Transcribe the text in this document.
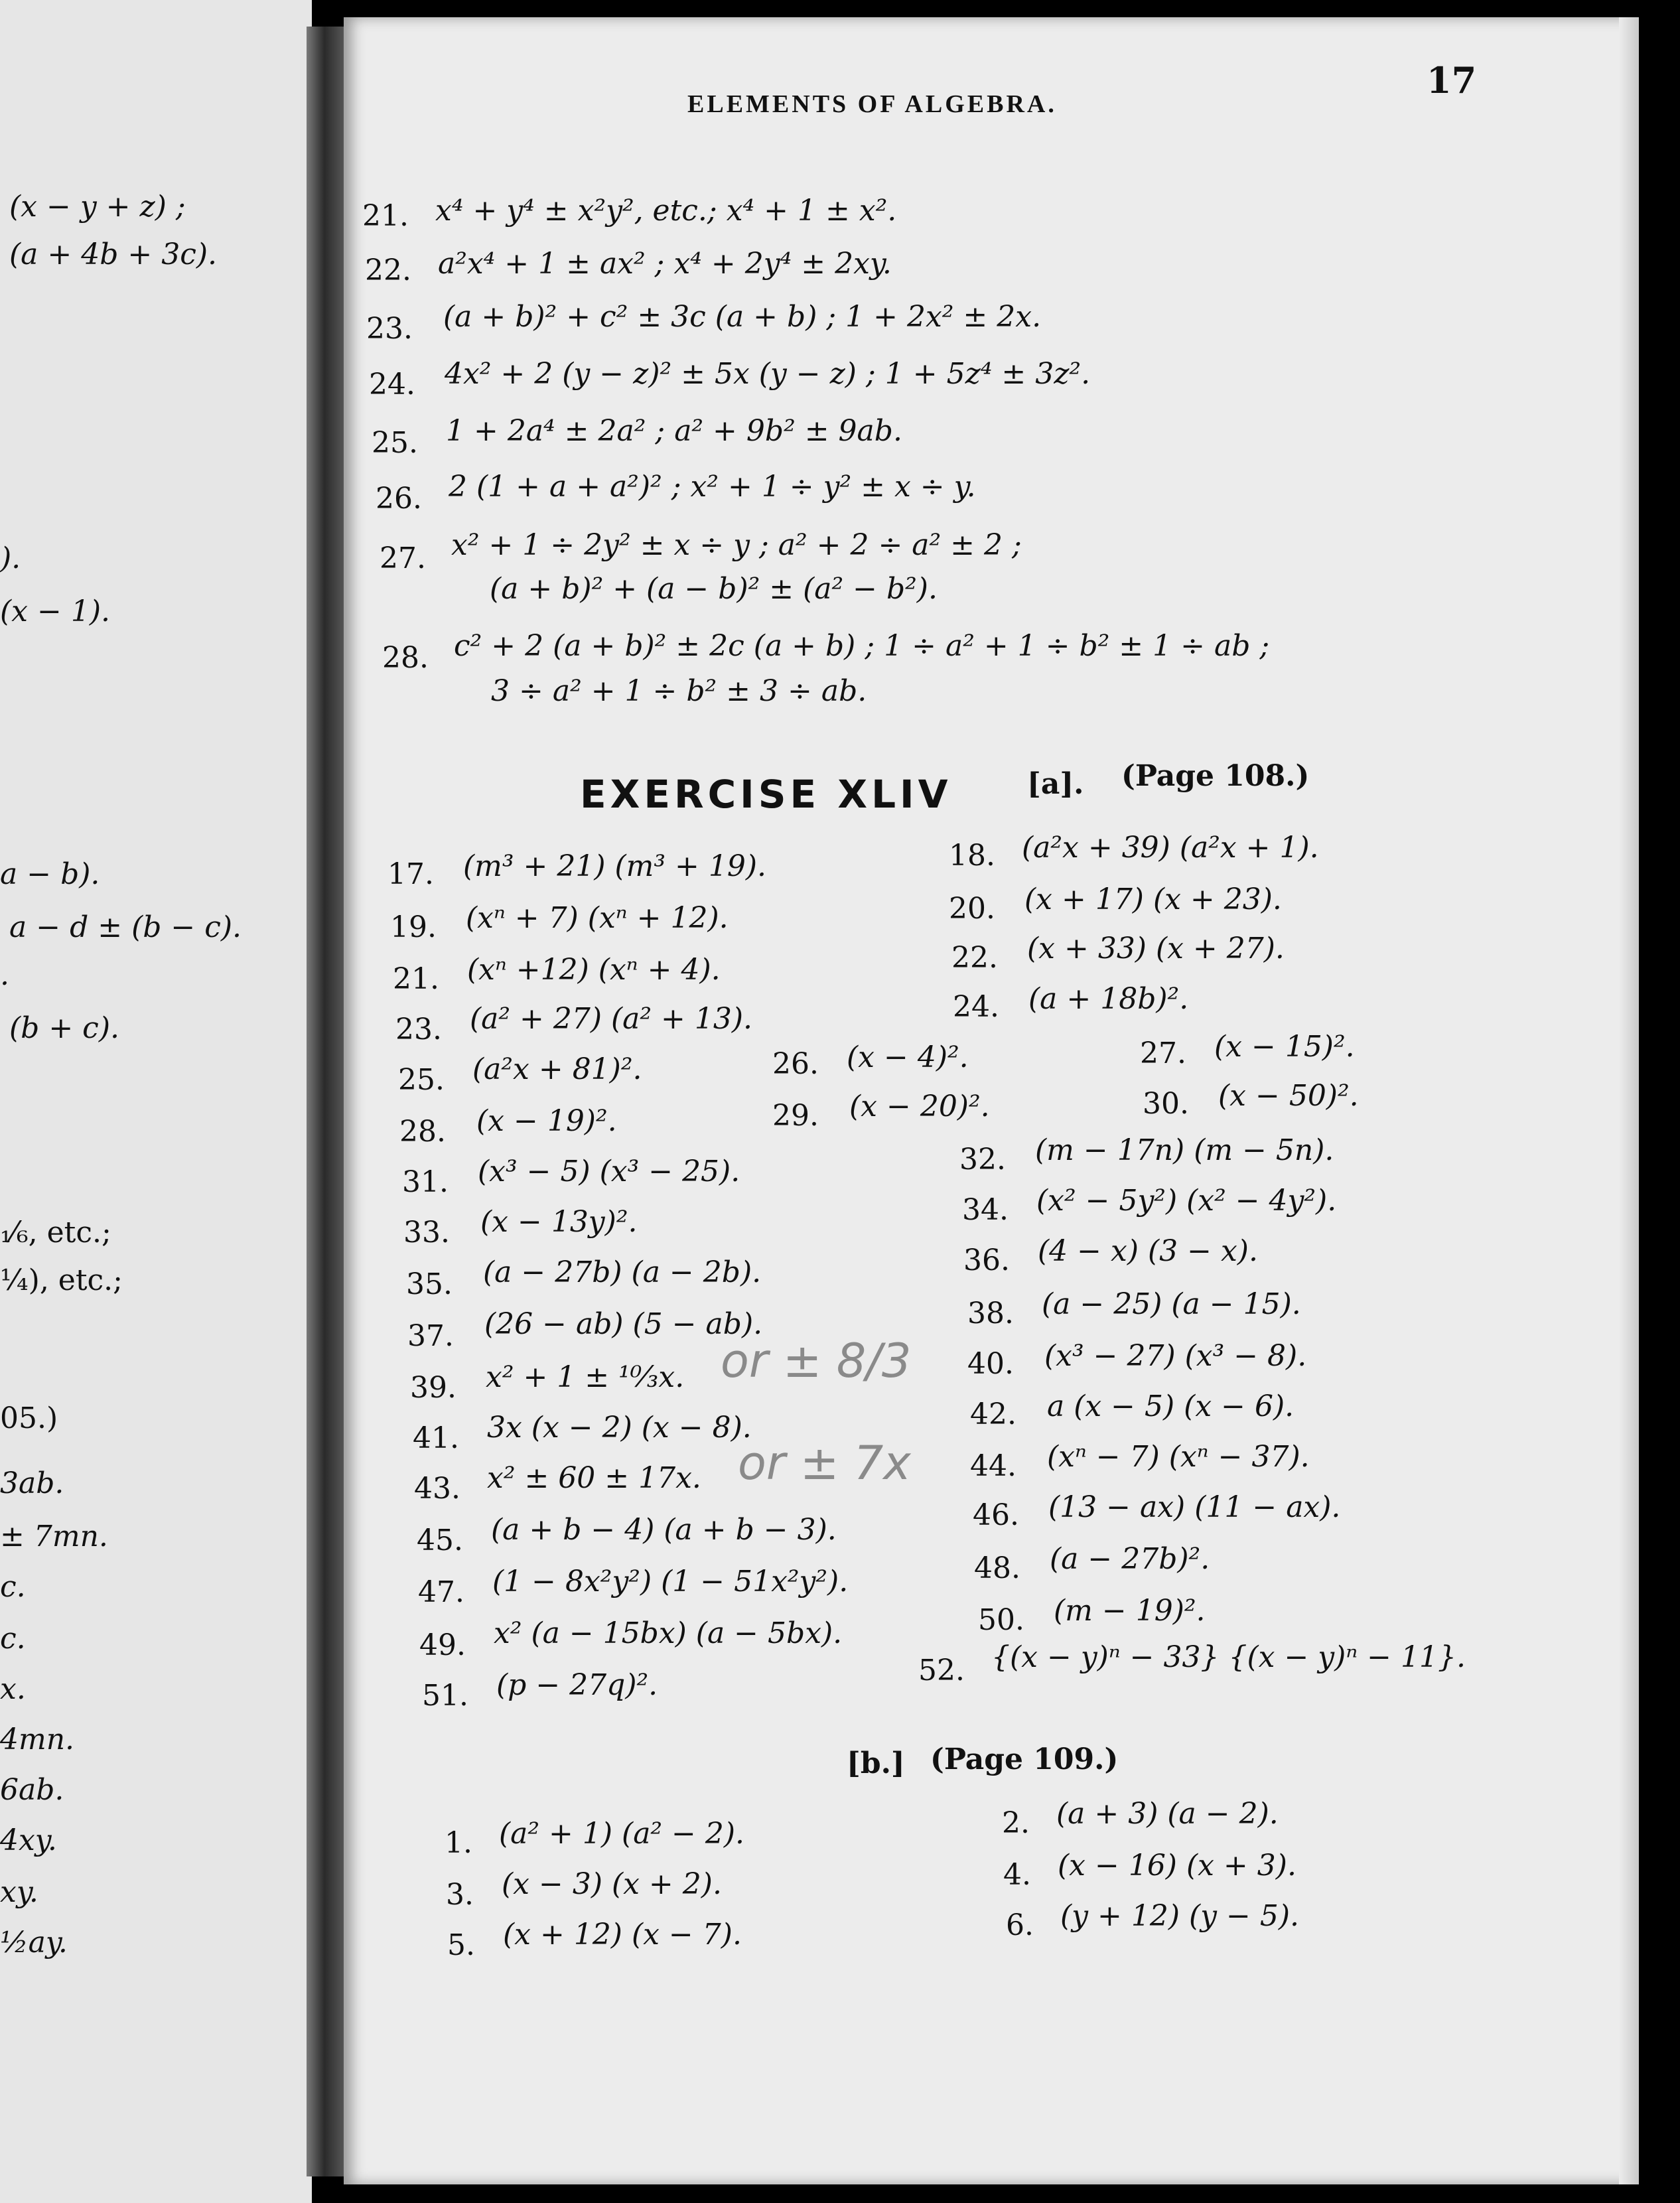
(x − y + z) ;
(a + 4b + 3c).
).
(x − 1).
a − b).
a − d ± (b − c).
.
(b + c).
₁⁄₆, etc.;
¼), etc.;
05.)
3ab.
± 7mn.
c.
c.
x.
4mn.
6ab.
4xy.
xy.
½ay.
ELEMENTS OF ALGEBRA.
17
21. x⁴ + y⁴ ± x²y², etc.; x⁴ + 1 ± x².
22. a²x⁴ + 1 ± ax² ; x⁴ + 2y⁴ ± 2xy.
23. (a + b)² + c² ± 3c (a + b) ; 1 + 2x² ± 2x.
24. 4x² + 2 (y − z)² ± 5x (y − z) ; 1 + 5z⁴ ± 3z².
25. 1 + 2a⁴ ± 2a² ; a² + 9b² ± 9ab.
26. 2 (1 + a + a²)² ; x² + 1 ÷ y² ± x ÷ y.
27. x² + 1 ÷ 2y² ± x ÷ y ; a² + 2 ÷ a² ± 2 ;
(a + b)² + (a − b)² ± (a² − b²).
28. c² + 2 (a + b)² ± 2c (a + b) ; 1 ÷ a² + 1 ÷ b² ± 1 ÷ ab ;
3 ÷ a² + 1 ÷ b² ± 3 ÷ ab.
EXERCISE XLIV	[a]. (Page 108.)
17. (m³ + 21) (m³ + 19).	18. (a²x + 39) (a²x + 1).
19. (xⁿ + 7) (xⁿ + 12).	20. (x + 17) (x + 23).
21. (xⁿ +12) (xⁿ + 4).	22. (x + 33) (x + 27).
23. (a² + 27) (a² + 13).	24. (a + 18b)².
25. (a²x + 81)².	26. (x − 4)².	27. (x − 15)².
28. (x − 19)².	29. (x − 20)².	30. (x − 50)².
31. (x³ − 5) (x³ − 25).	32. (m − 17n) (m − 5n).
33. (x − 13y)².	34. (x² − 5y²) (x² − 4y²).
35. (a − 27b) (a − 2b).	36. (4 − x) (3 − x).
37. (26 − ab) (5 − ab).	38. (a − 25) (a − 15).
39. x² + 1 ± ¹⁰⁄₃x.	40. (x³ − 27) (x³ − 8).
41. 3x (x − 2) (x − 8).	42. a (x − 5) (x − 6).
43. x² ± 60 ± 17x.	44. (xⁿ − 7) (xⁿ − 37).
45. (a + b − 4) (a + b − 3).	46. (13 − ax) (11 − ax).
47. (1 − 8x²y²) (1 − 51x²y²).	48. (a − 27b)².
49. x² (a − 15bx) (a − 5bx).	50. (m − 19)².
51. (p − 27q)².	52. {(x − y)ⁿ − 33} {(x − y)ⁿ − 11}.
[b.] (Page 109.)
1. (a² + 1) (a² − 2).	2. (a + 3) (a − 2).
3. (x − 3) (x + 2).	4. (x − 16) (x + 3).
5. (x + 12) (x − 7).	6. (y + 12) (y − 5).
or ± 8/3
or ± 7x
